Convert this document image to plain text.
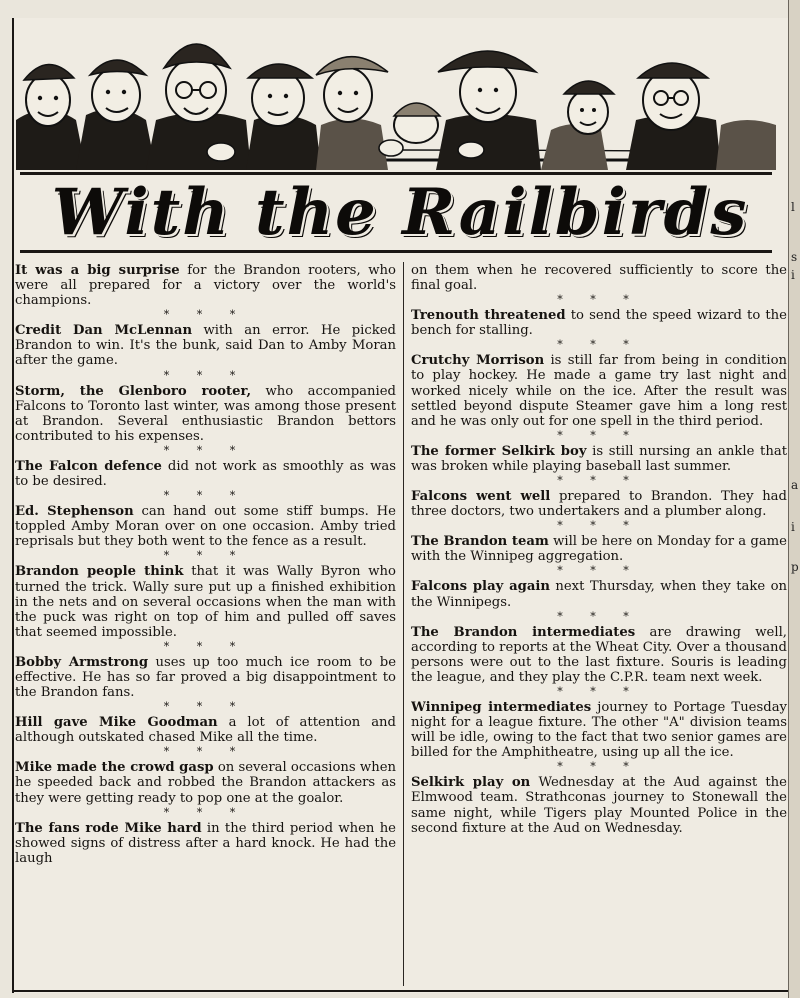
With the Railbirds

It was a big surprise for the Brandon rooters, who were all prepared for a victory over the world's champions.

* * *

Credit Dan McLennan with an error. He picked Brandon to win. It's the bunk, said Dan to Amby Moran after the game.

* * *

Storm, the Glenboro rooter, who accompanied Falcons to Toronto last winter, was among those present at Brandon. Several enthusiastic Brandon bettors contributed to his expenses.

* * *

The Falcon defence did not work as smoothly as was to be desired.

* * *

Ed. Stephenson can hand out some stiff bumps. He toppled Amby Moran over on one occasion. Amby tried reprisals but they both went to the fence as a result.

* * *

Brandon people think that it was Wally Byron who turned the trick. Wally sure put up a finished exhibition in the nets and on several occasions when the man with the puck was right on top of him and pulled off saves that seemed impossible.

* * *

Bobby Armstrong uses up too much ice room to be effective. He has so far proved a big disappointment to the Brandon fans.

* * *

Hill gave Mike Goodman a lot of attention and although outskated chased Mike all the time.

* * *

Mike made the crowd gasp on several occasions when he speeded back and robbed the Brandon attackers as they were getting ready to pop one at the goalor.

* * *

The fans rode Mike hard in the third period when he showed signs of distress after a hard knock. He had the laugh

on them when he recovered sufficiently to score the final goal.

* * *

Trenouth threatened to send the speed wizard to the bench for stalling.

* * *

Crutchy Morrison is still far from being in condition to play hockey. He made a game try last night and worked nicely while on the ice. After the result was settled beyond dispute Steamer gave him a long rest and he was only out for one spell in the third period.

* * *

The former Selkirk boy is still nursing an ankle that was broken while playing baseball last summer.

* * *

Falcons went well prepared to Brandon. They had three doctors, two undertakers and a plumber along.

* * *

The Brandon team will be here on Monday for a game with the Winnipeg aggregation.

* * *

Falcons play again next Thursday, when they take on the Winnipegs.

* * *

The Brandon intermediates are drawing well, according to reports at the Wheat City. Over a thousand persons were out to the last fixture. Souris is leading the league, and they play the C.P.R. team next week.

* * *

Winnipeg intermediates journey to Portage Tuesday night for a league fixture. The other "A" division teams will be idle, owing to the fact that two senior games are billed for the Amphitheatre, using up all the ice.

* * *

Selkirk play on Wednesday at the Aud against the Elmwood team. Strathconas journey to Stonewall the same night, while Tigers play Mounted Police in the second fixture at the Aud on Wednesday.

l
s
i
a
i
p
